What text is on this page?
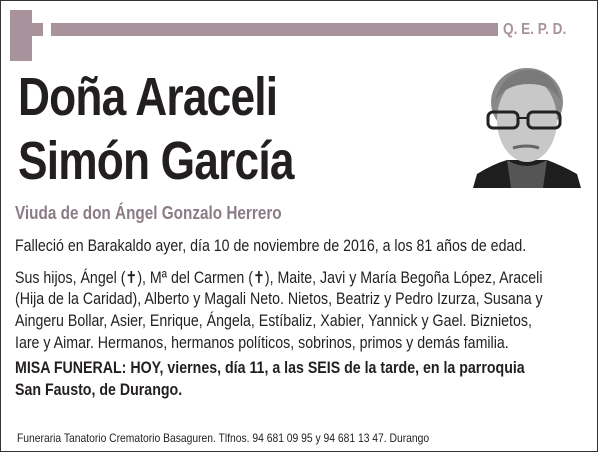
Q. E. P. D.
Doña Araceli
Simón García
Viuda de don Ángel Gonzalo Herrero
Falleció en Barakaldo ayer, día 10 de noviembre de 2016, a los 81 años de edad.
Sus hijos, Ángel (✝), Mª del Carmen (✝), Maite, Javi y María Begoña López, Araceli
(Hija de la Caridad), Alberto y Magali Neto. Nietos, Beatriz y Pedro Izurza, Susana y
Aingeru Bollar, Asier, Enrique, Ángela, Estíbaliz, Xabier, Yannick y Gael. Biznietos,
Iare y Aimar. Hermanos, hermanos políticos, sobrinos, primos y demás familia.
MISA FUNERAL: HOY, viernes, día 11, a las SEIS de la tarde, en la parroquia
San Fausto, de Durango.
Funeraria Tanatorio Crematorio Basaguren. Tlfnos. 94 681 09 95 y 94 681 13 47. Durango
